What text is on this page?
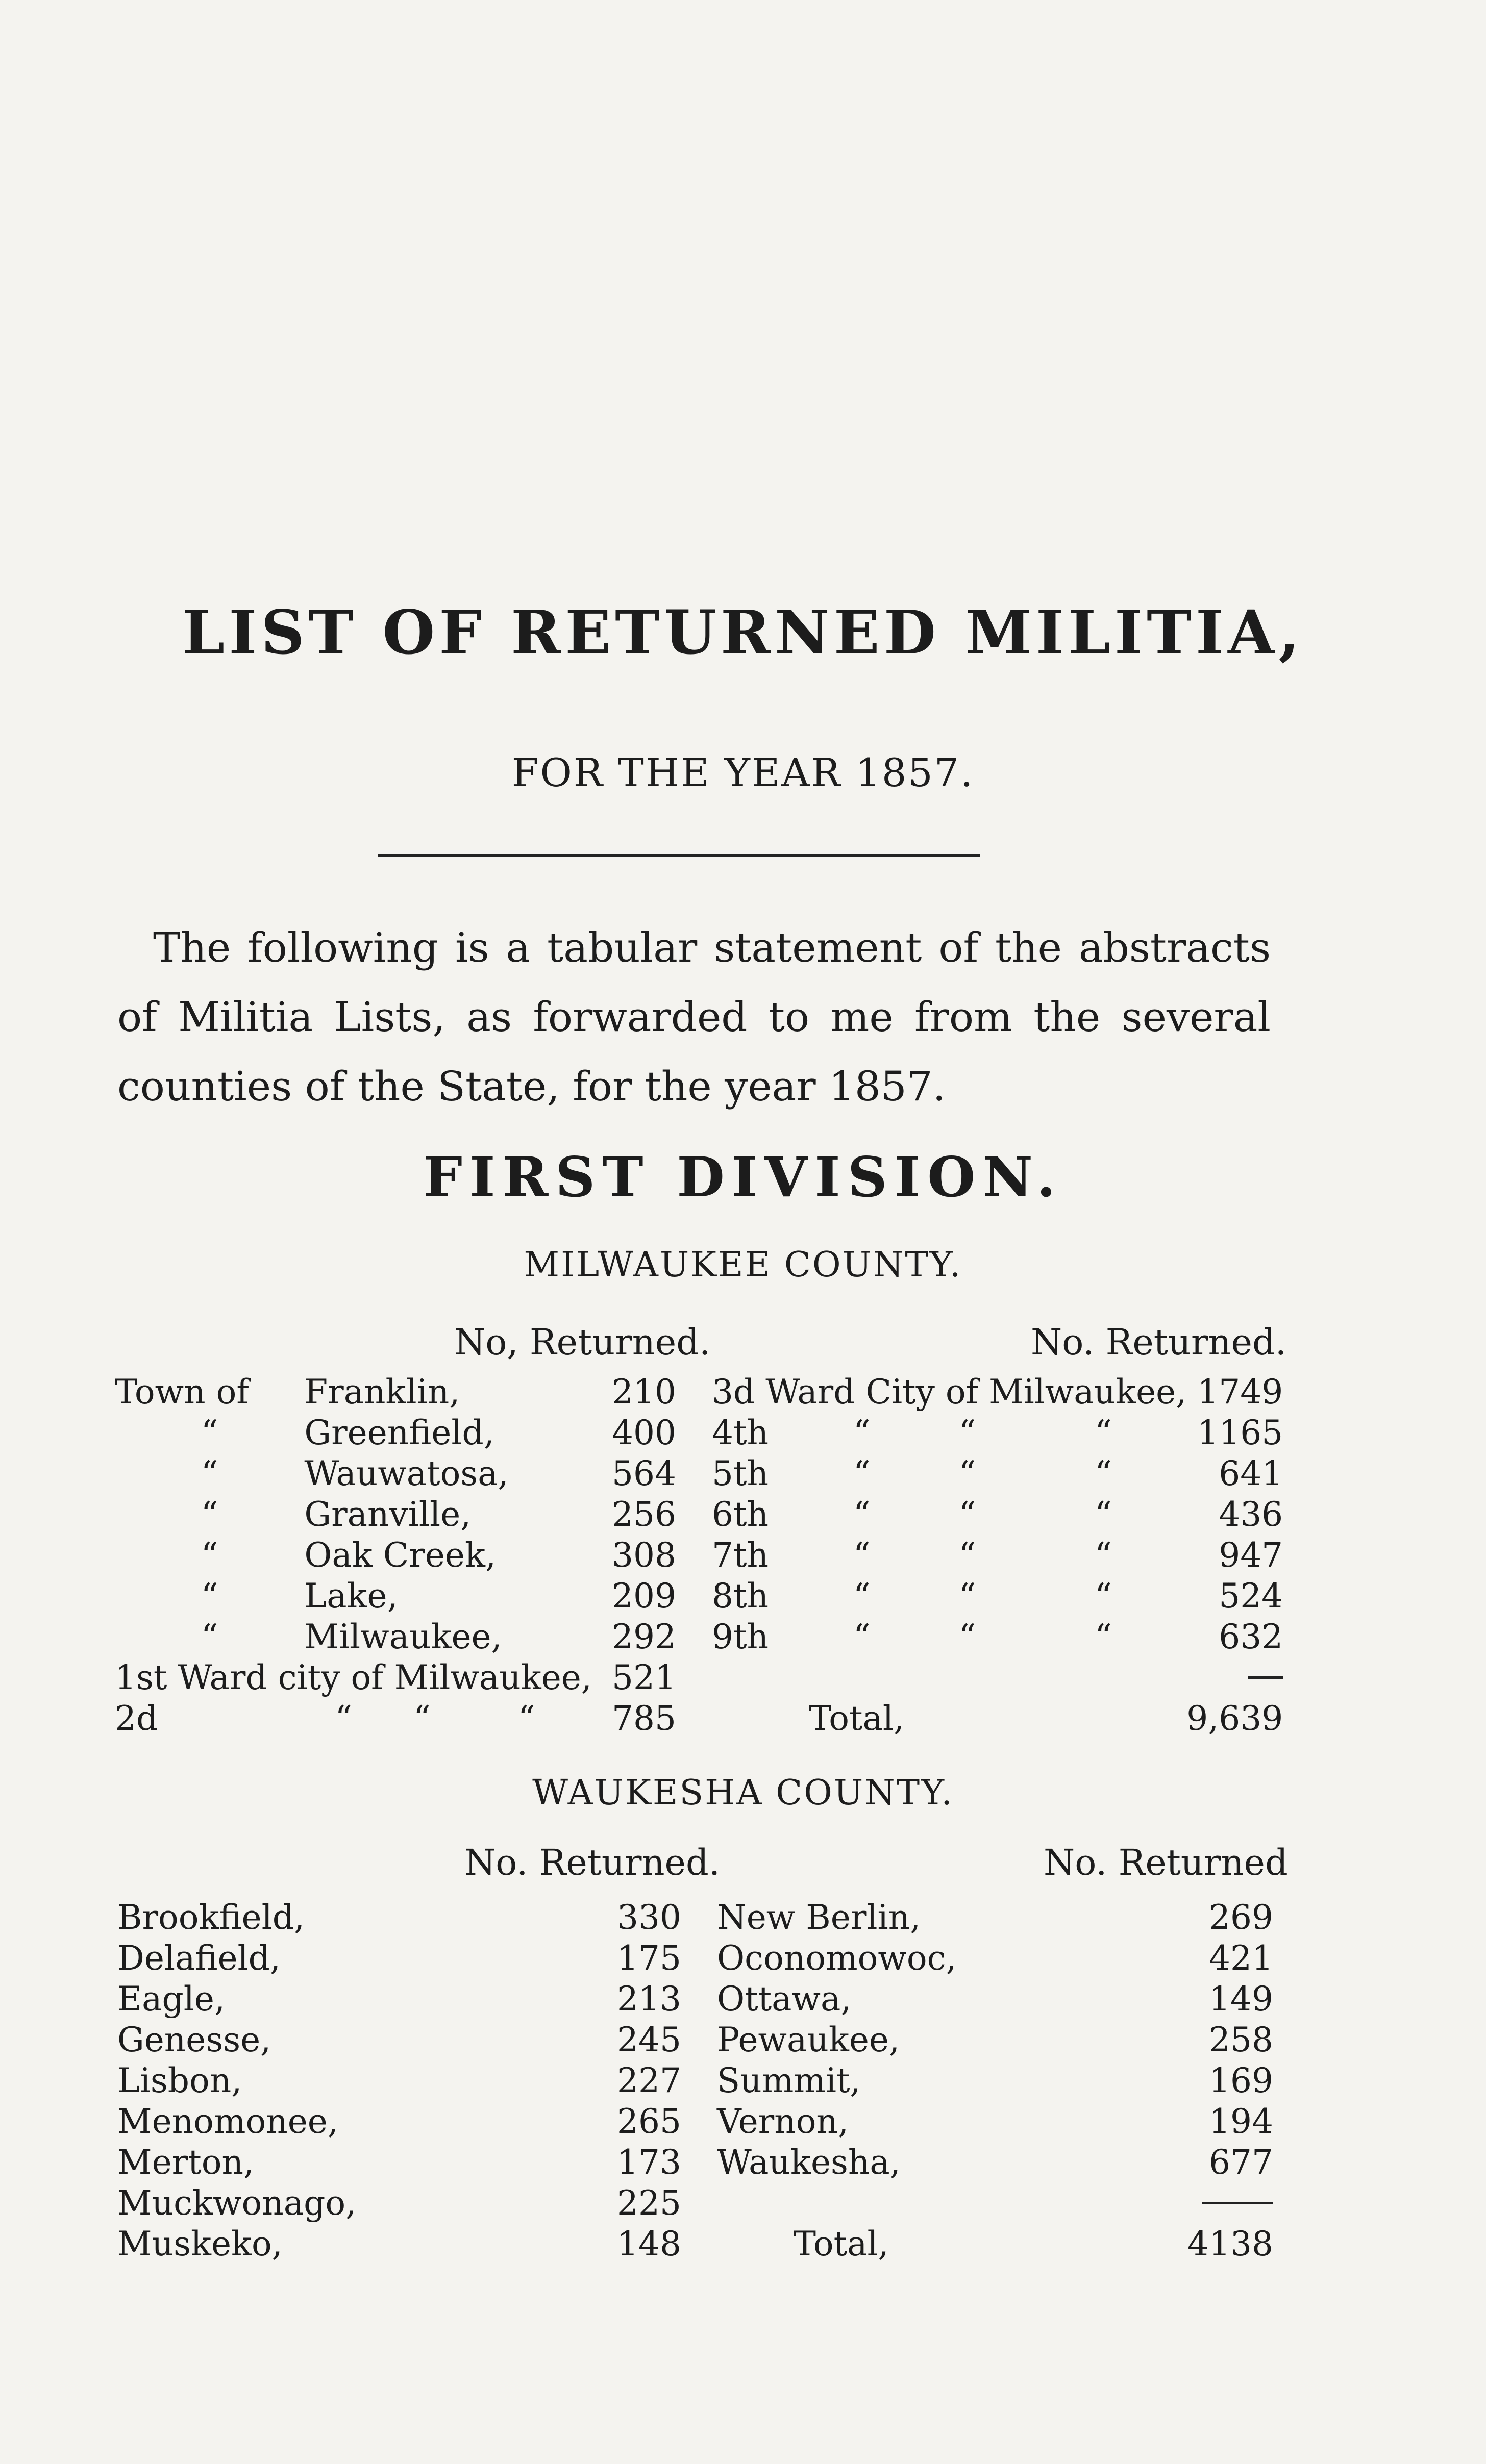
LIST OF RETURNED MILITIA,
FOR THE YEAR 1857.
The following is a tabular statement of the abstracts of Militia Lists, as forwarded to me from the several counties of the State, for the year 1857.
FIRST DIVISION.
MILWAUKEE COUNTY.
No, Returned.	No. Returned.
Town of	Franklin,			210
“	Greenfield,			400
“	Wauwatosa,			564
“	Granville,			256
“	Oak Creek,			308
“	Lake,			209
“	Milwaukee,			292
1st Ward city of Milwaukee,				521
2d	“	“	“	785
3d Ward City of Milwaukee,				1749
4th	“	“	“	1165
5th	“	“	“	641
6th	“	“	“	436
7th	“	“	“	947
8th	“	“	“	524
9th	“	“	“	632

	Total,			9,639
WAUKESHA COUNTY.
No. Returned.	No. Returned
Brookfield,	330
Delafield,	175
Eagle,	213
Genesse,	245
Lisbon,	227
Menomonee,	265
Merton,	173
Muckwonago,	225
Muskeko,	148
New Berlin,		269
Oconomowoc,		421
Ottawa,		149
Pewaukee,		258
Summit,		169
Vernon,		194
Waukesha,		677

	Total,	4138
